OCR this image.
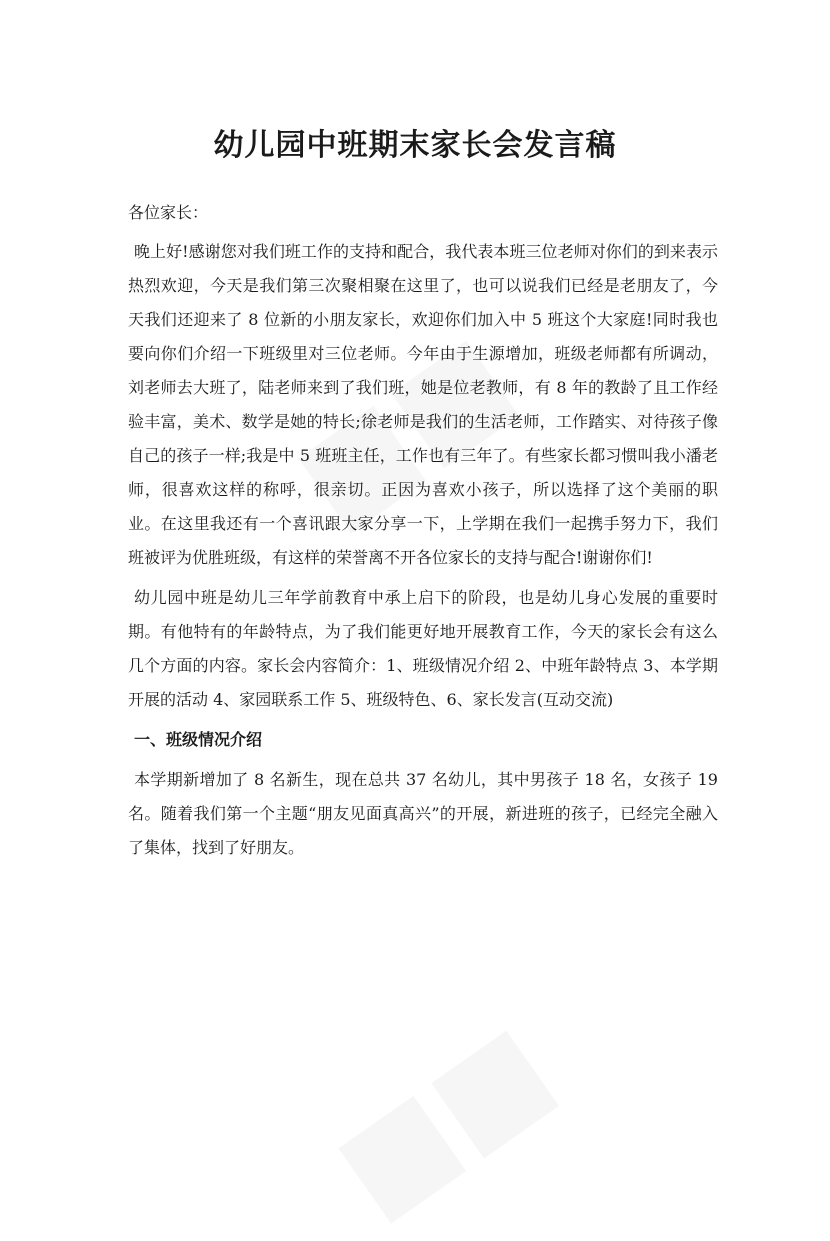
幼儿园中班期末家长会发言稿

各位家长：

晚上好!感谢您对我们班工作的支持和配合，我代表本班三位老师对你们的到来表示热烈欢迎，今天是我们第三次聚相聚在这里了，也可以说我们已经是老朋友了，今天我们还迎来了 8 位新的小朋友家长，欢迎你们加入中 5 班这个大家庭!同时我也要向你们介绍一下班级里对三位老师。今年由于生源增加，班级老师都有所调动，刘老师去大班了，陆老师来到了我们班，她是位老教师，有 8 年的教龄了且工作经验丰富，美术、数学是她的特长;徐老师是我们的生活老师，工作踏实、对待孩子像自己的孩子一样;我是中 5 班班主任，工作也有三年了。有些家长都习惯叫我小潘老师，很喜欢这样的称呼，很亲切。正因为喜欢小孩子，所以选择了这个美丽的职业。在这里我还有一个喜讯跟大家分享一下，上学期在我们一起携手努力下，我们班被评为优胜班级，有这样的荣誉离不开各位家长的支持与配合!谢谢你们!

幼儿园中班是幼儿三年学前教育中承上启下的阶段，也是幼儿身心发展的重要时期。有他特有的年龄特点，为了我们能更好地开展教育工作，今天的家长会有这么几个方面的内容。家长会内容简介：1、班级情况介绍 2、中班年龄特点 3、本学期开展的活动 4、家园联系工作 5、班级特色、6、家长发言(互动交流)

一、班级情况介绍

本学期新增加了 8 名新生，现在总共 37 名幼儿，其中男孩子 18 名，女孩子 19 名。随着我们第一个主题“朋友见面真高兴”的开展，新进班的孩子，已经完全融入了集体，找到了好朋友。
